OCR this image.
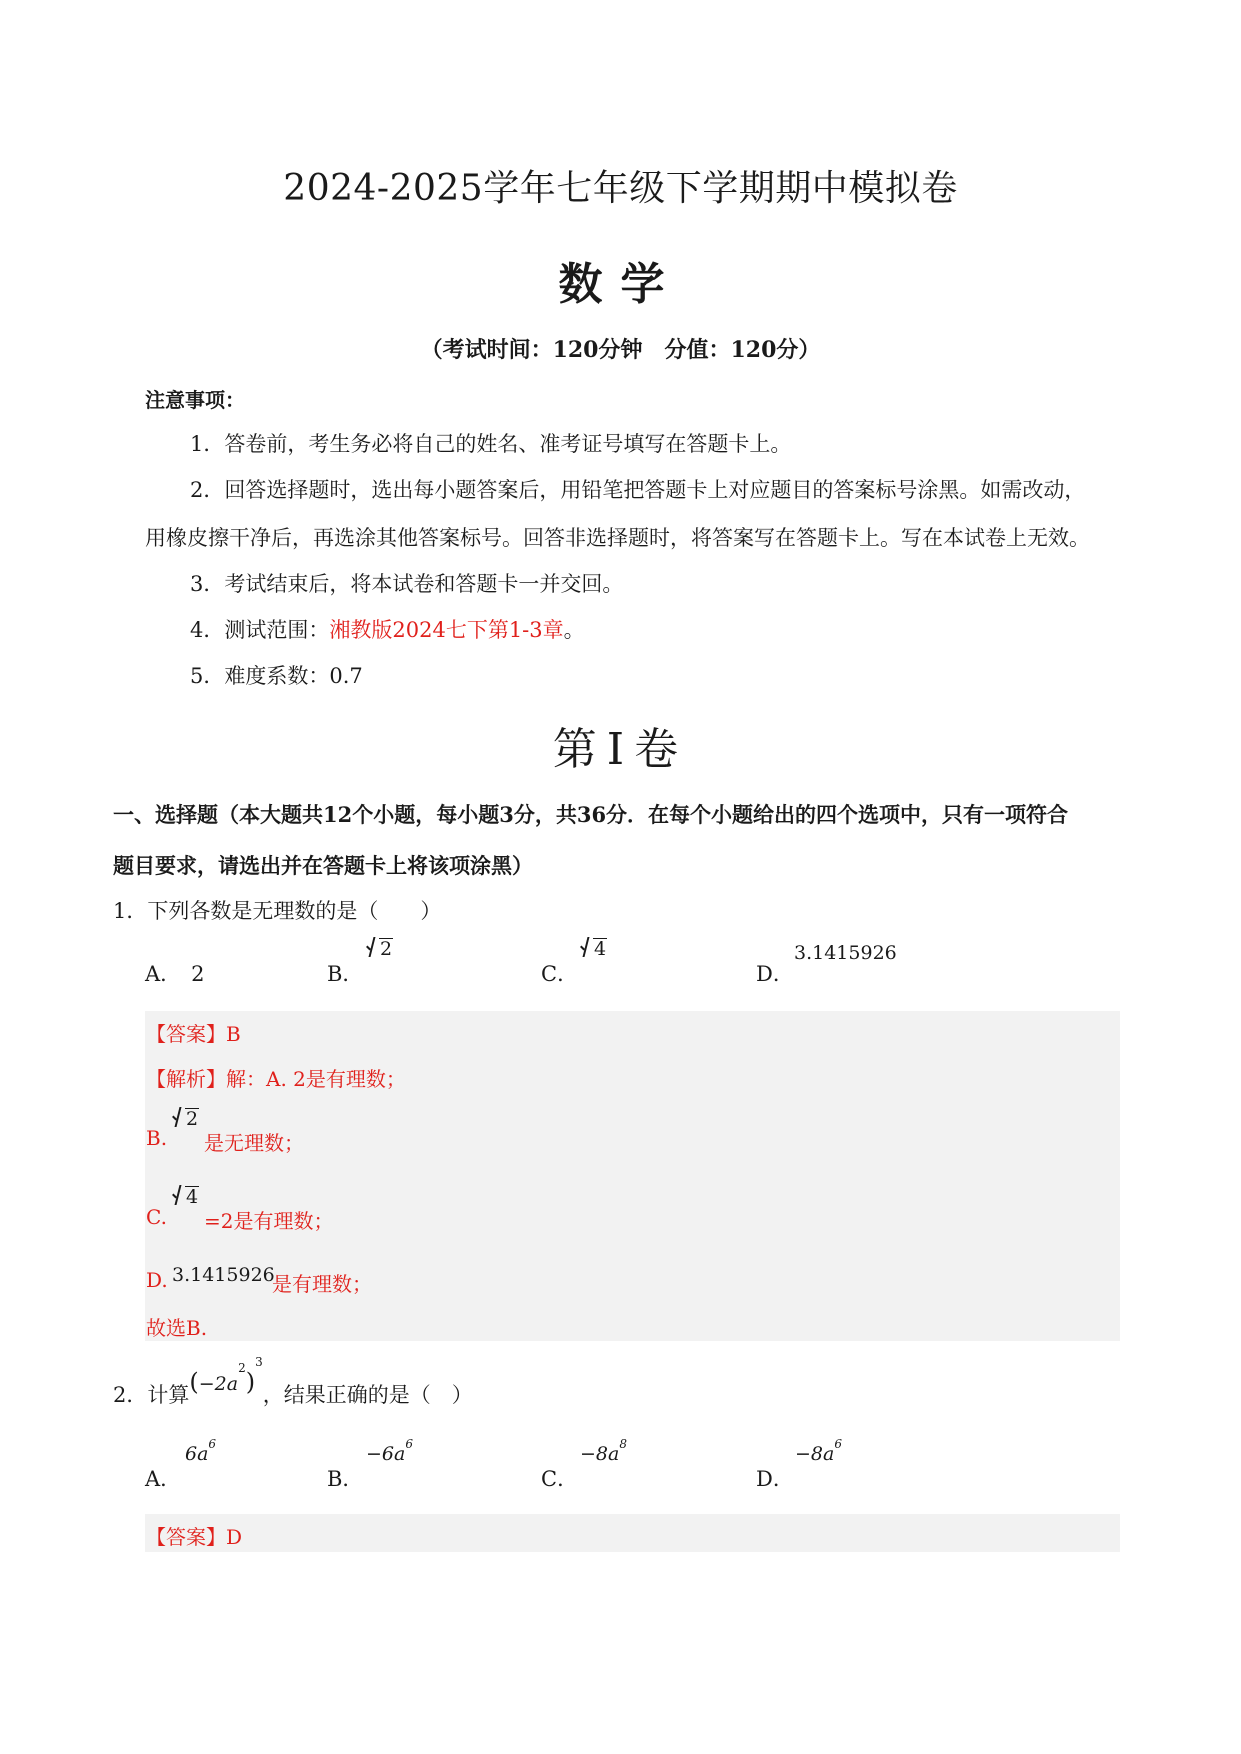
2024-2025学年七年级下学期期中模拟卷
数学
（考试时间：120分钟　分值：120分）
注意事项：
1．答卷前，考生务必将自己的姓名、准考证号填写在答题卡上。
2．回答选择题时，选出每小题答案后，用铅笔把答题卡上对应题目的答案标号涂黑。如需改动，
用橡皮擦干净后，再选涂其他答案标号。回答非选择题时，将答案写在答题卡上。写在本试卷上无效。
3．考试结束后，将本试卷和答题卡一并交回。
4．测试范围：湘教版2024七下第1-3章。
5．难度系数：0.7
第Ⅰ卷
一、选择题（本大题共12个小题，每小题3分，共36分．在每个小题给出的四个选项中，只有一项符合
题目要求，请选出并在答题卡上将该项涂黑）
1．下列各数是无理数的是（　　）
A． 2	B．
2
C．
4
D．
3.1415926
【答案】B
【解析】解：A. 2是有理数；
B.
2
是无理数；
C.
4
=2是有理数；
D. 3.1415926
是有理数；
故选B.
2．计算$(-2a^2)^3$，结果正确的是（　）
A．
$6a^6$
B．
$-6a^6$
C．
$-8a^8$
D．
$-8a^6$
【答案】D
